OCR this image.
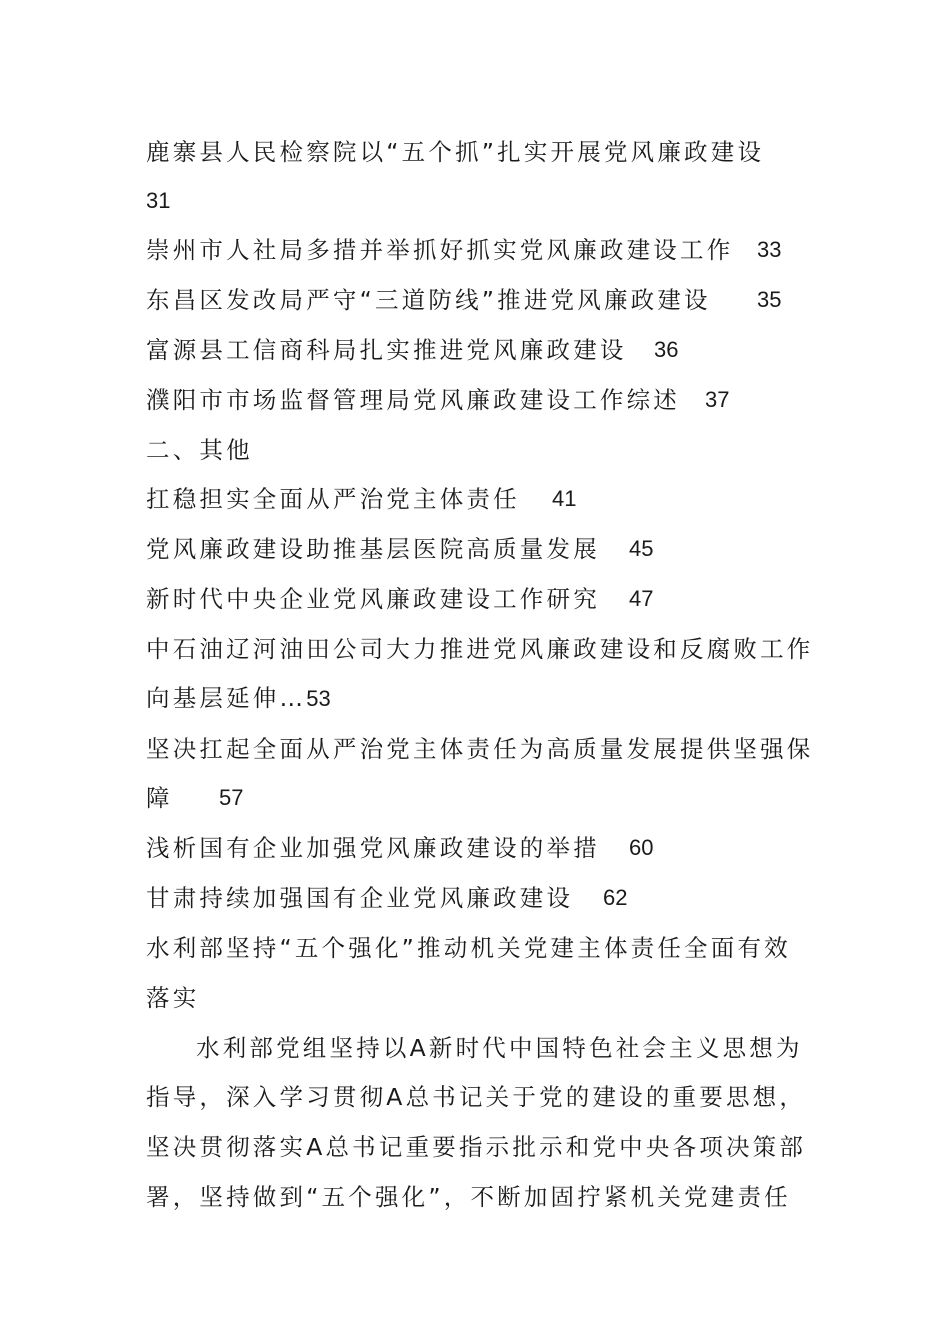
鹿寨县人民检察院以“五个抓”扎实开展党风廉政建设
31
崇州市人社局多措并举抓好抓实党风廉政建设工作 33
东昌区发改局严守“三道防线”推进党风廉政建设 35
富源县工信商科局扎实推进党风廉政建设 36
濮阳市市场监督管理局党风廉政建设工作综述 37
二、其他
扛稳担实全面从严治党主体责任 41
党风廉政建设助推基层医院高质量发展 45
新时代中央企业党风廉政建设工作研究 47
中石油辽河油田公司大力推进党风廉政建设和反腐败工作
向基层延伸…53
坚决扛起全面从严治党主体责任为高质量发展提供坚强保
障 57
浅析国有企业加强党风廉政建设的举措 60
甘肃持续加强国有企业党风廉政建设 62
水利部坚持“五个强化”推动机关党建主体责任全面有效
落实
水利部党组坚持以A新时代中国特色社会主义思想为
指导，深入学习贯彻A总书记关于党的建设的重要思想，
坚决贯彻落实A总书记重要指示批示和党中央各项决策部
署，坚持做到“五个强化”，不断加固拧紧机关党建责任
